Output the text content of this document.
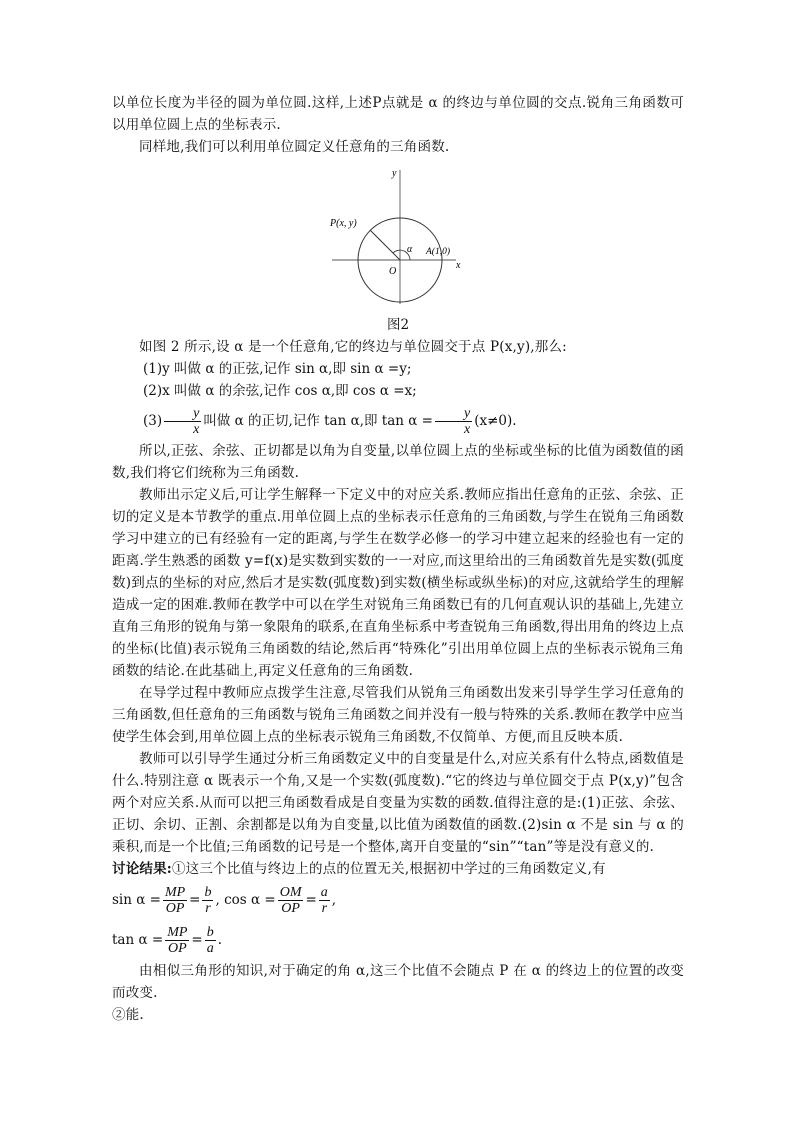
以单位长度为半径的圆为单位圆.这样,上述P点就是 α 的终边与单位圆的交点.锐角三角函数可以用单位圆上点的坐标表示.

同样地,我们可以利用单位圆定义任意角的三角函数.

P(x, y)
α A(1,0)
O
x
y

图2

如图 2 所示,设 α 是一个任意角,它的终边与单位圆交于点 P(x,y),那么:

(1)y 叫做 α 的正弦,记作 sin α,即 sin α =y;

(2)x 叫做 α 的余弦,记作 cos α,即 cos α =x;

$(3) \frac{y}{x}$ 叫做 α 的正切,记作 tan α,即 $\tan \alpha = \frac{y}{x} (x\ne 0)$.

所以,正弦、余弦、正切都是以角为自变量,以单位圆上点的坐标或坐标的比值为函数值的函数,我们将它们统称为三角函数.

教师出示定义后,可让学生解释一下定义中的对应关系.教师应指出任意角的正弦、余弦、正切的定义是本节教学的重点.用单位圆上点的坐标表示任意角的三角函数,与学生在锐角三角函数学习中建立的已有经验有一定的距离,与学生在数学必修一的学习中建立起来的经验也有一定的距离.学生熟悉的函数 y=f(x)是实数到实数的一一对应,而这里给出的三角函数首先是实数(弧度数)到点的坐标的对应,然后才是实数(弧度数)到实数(横坐标或纵坐标)的对应,这就给学生的理解造成一定的困难.教师在教学中可以在学生对锐角三角函数已有的几何直观认识的基础上,先建立直角三角形的锐角与第一象限角的联系,在直角坐标系中考查锐角三角函数,得出用角的终边上点的坐标(比值)表示锐角三角函数的结论,然后再“特殊化”引出用单位圆上点的坐标表示锐角三角函数的结论.在此基础上,再定义任意角的三角函数.

在导学过程中教师应点拨学生注意,尽管我们从锐角三角函数出发来引导学生学习任意角的三角函数,但任意角的三角函数与锐角三角函数之间并没有一般与特殊的关系.教师在教学中应当使学生体会到,用单位圆上点的坐标表示锐角三角函数,不仅简单、方便,而且反映本质.

教师可以引导学生通过分析三角函数定义中的自变量是什么,对应关系有什么特点,函数值是什么.特别注意 α 既表示一个角,又是一个实数(弧度数).“它的终边与单位圆交于点 P(x,y)”包含两个对应关系.从而可以把三角函数看成是自变量为实数的函数.值得注意的是:(1)正弦、余弦、正切、余切、正割、余割都是以角为自变量,以比值为函数值的函数.(2)sin α 不是 sin 与 α 的乘积,而是一个比值;三角函数的记号是一个整体,离开自变量的“sin”“tan”等是没有意义的.

讨论结果:①这三个比值与终边上的点的位置无关,根据初中学过的三角函数定义,有

$\sin \alpha = \frac{MP}{OP} = \frac{b}{r}$ , $\cos \alpha = \frac{OM}{OP} = \frac{a}{r}$ ,

$\tan \alpha = \frac{MP}{OP} = \frac{b}{a}$ .

由相似三角形的知识,对于确定的角 α,这三个比值不会随点 P 在 α 的终边上的位置的改变而改变.

②能.
